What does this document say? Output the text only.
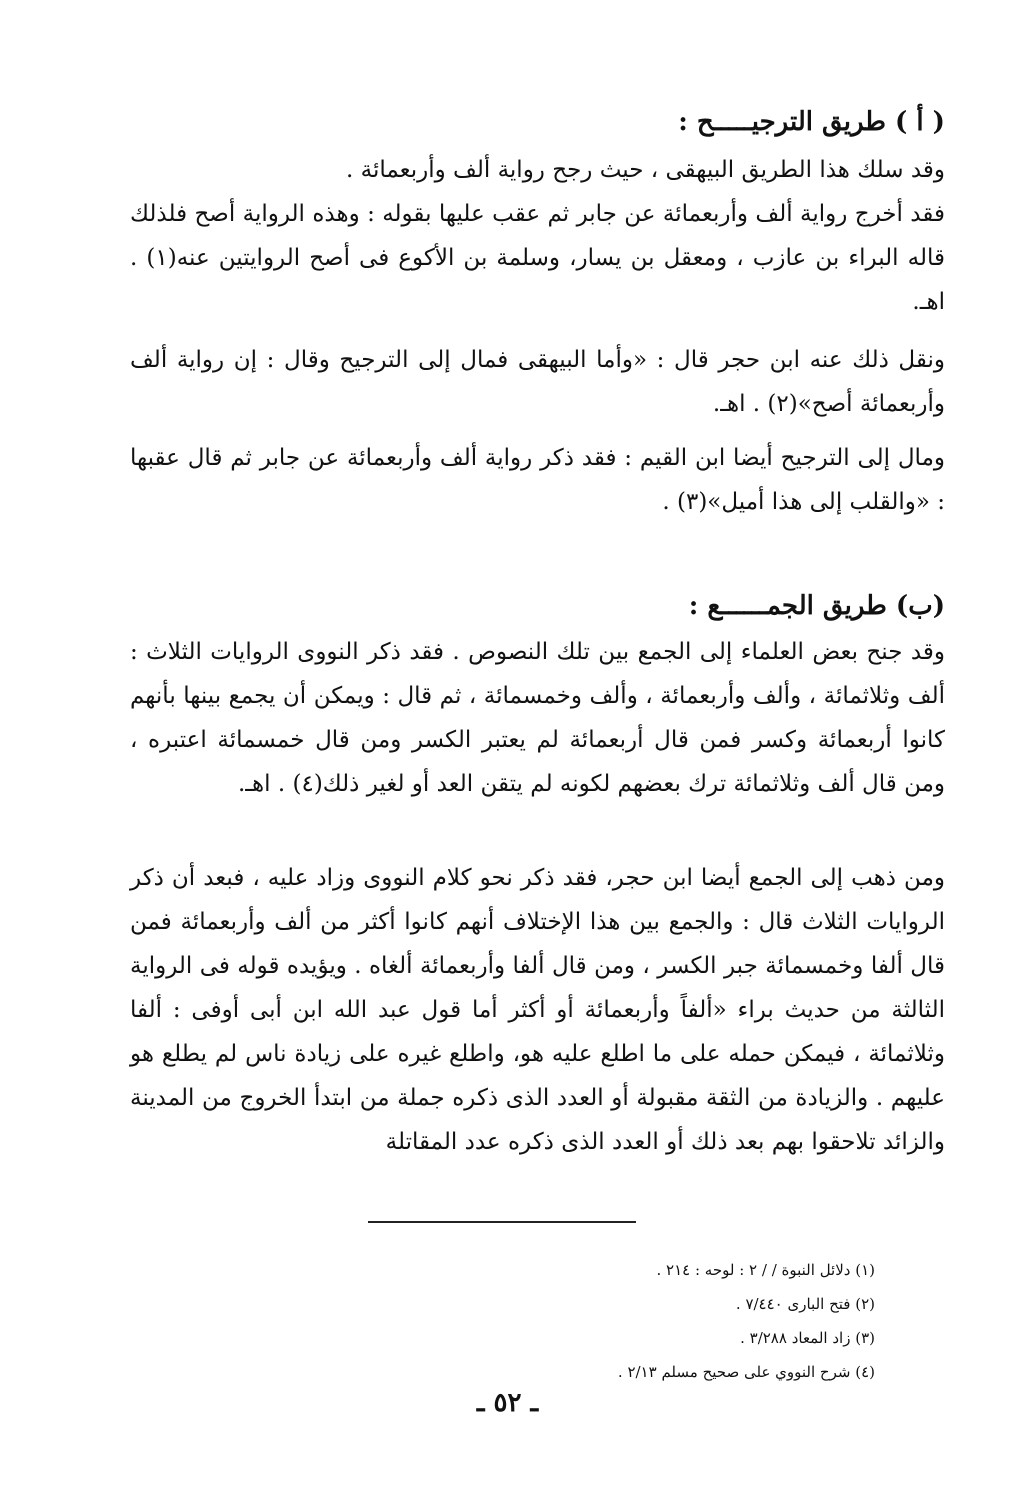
( أ ) طريق الترجيـــــح :

وقد سلك هذا الطريق البيهقى ، حيث رجح رواية ألف وأربعمائة .

فقد أخرج رواية ألف وأربعمائة عن جابر ثم عقب عليها بقوله : وهذه الرواية أصح فلذلك قاله البراء بن عازب ، ومعقل بن يسار، وسلمة بن الأكوع فى أصح الروايتين عنه(١) . اهـ.

ونقل ذلك عنه ابن حجر قال : «وأما البيهقى فمال إلى الترجيح وقال : إن رواية ألف وأربعمائة أصح»(٢) . اهـ.

ومال إلى الترجيح أيضا ابن القيم : فقد ذكر رواية ألف وأربعمائة عن جابر ثم قال عقبها : «والقلب إلى هذا أميل»(٣) .

(ب) طريق الجمــــــع :

وقد جنح بعض العلماء إلى الجمع بين تلك النصوص . فقد ذكر النووى الروايات الثلاث : ألف وثلاثمائة ، وألف وأربعمائة ، وألف وخمسمائة ، ثم قال : ويمكن أن يجمع بينها بأنهم كانوا أربعمائة وكسر فمن قال أربعمائة لم يعتبر الكسر ومن قال خمسمائة اعتبره ، ومن قال ألف وثلاثمائة ترك بعضهم لكونه لم يتقن العد أو لغير ذلك(٤) . اهـ.

ومن ذهب إلى الجمع أيضا ابن حجر، فقد ذكر نحو كلام النووى وزاد عليه ، فبعد أن ذكر الروايات الثلاث قال : والجمع بين هذا الإختلاف أنهم كانوا أكثر من ألف وأربعمائة فمن قال ألفا وخمسمائة جبر الكسر ، ومن قال ألفا وأربعمائة ألغاه . ويؤيده قوله فى الرواية الثالثة من حديث براء «ألفاً وأربعمائة أو أكثر أما قول عبد الله ابن أبى أوفى : ألفا وثلاثمائة ، فيمكن حمله على ما اطلع عليه هو، واطلع غيره على زيادة ناس لم يطلع هو عليهم . والزيادة من الثقة مقبولة أو العدد الذى ذكره جملة من ابتدأ الخروج من المدينة والزائد تلاحقوا بهم بعد ذلك أو العدد الذى ذكره عدد المقاتلة

(١) دلائل النبوة / / ٢ : لوحه : ٢١٤ .
(٢) فتح البارى ٧/٤٤٠ .
(٣) زاد المعاد ٣/٢٨٨ .
(٤) شرح النووي على صحيح مسلم ٢/١٣ .
ـ ٥٢ ـ
